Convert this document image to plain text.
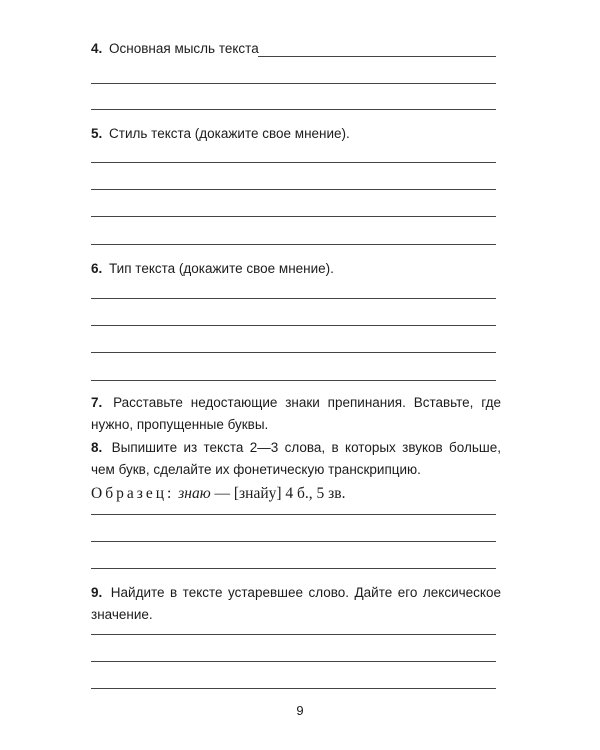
4. Основная мысль текста
5. Стиль текста (докажите свое мнение).
6. Тип текста (докажите свое мнение).
7. Расставьте недостающие знаки препинания. Вставьте, где нужно, пропущенные буквы.
8. Выпишите из текста 2—3 слова, в которых звуков больше, чем букв, сделайте их фонетическую транскрипцию.
Образец: знаю — [знайу] 4 б., 5 зв.
9. Найдите в тексте устаревшее слово. Дайте его лексическое значение.
9
